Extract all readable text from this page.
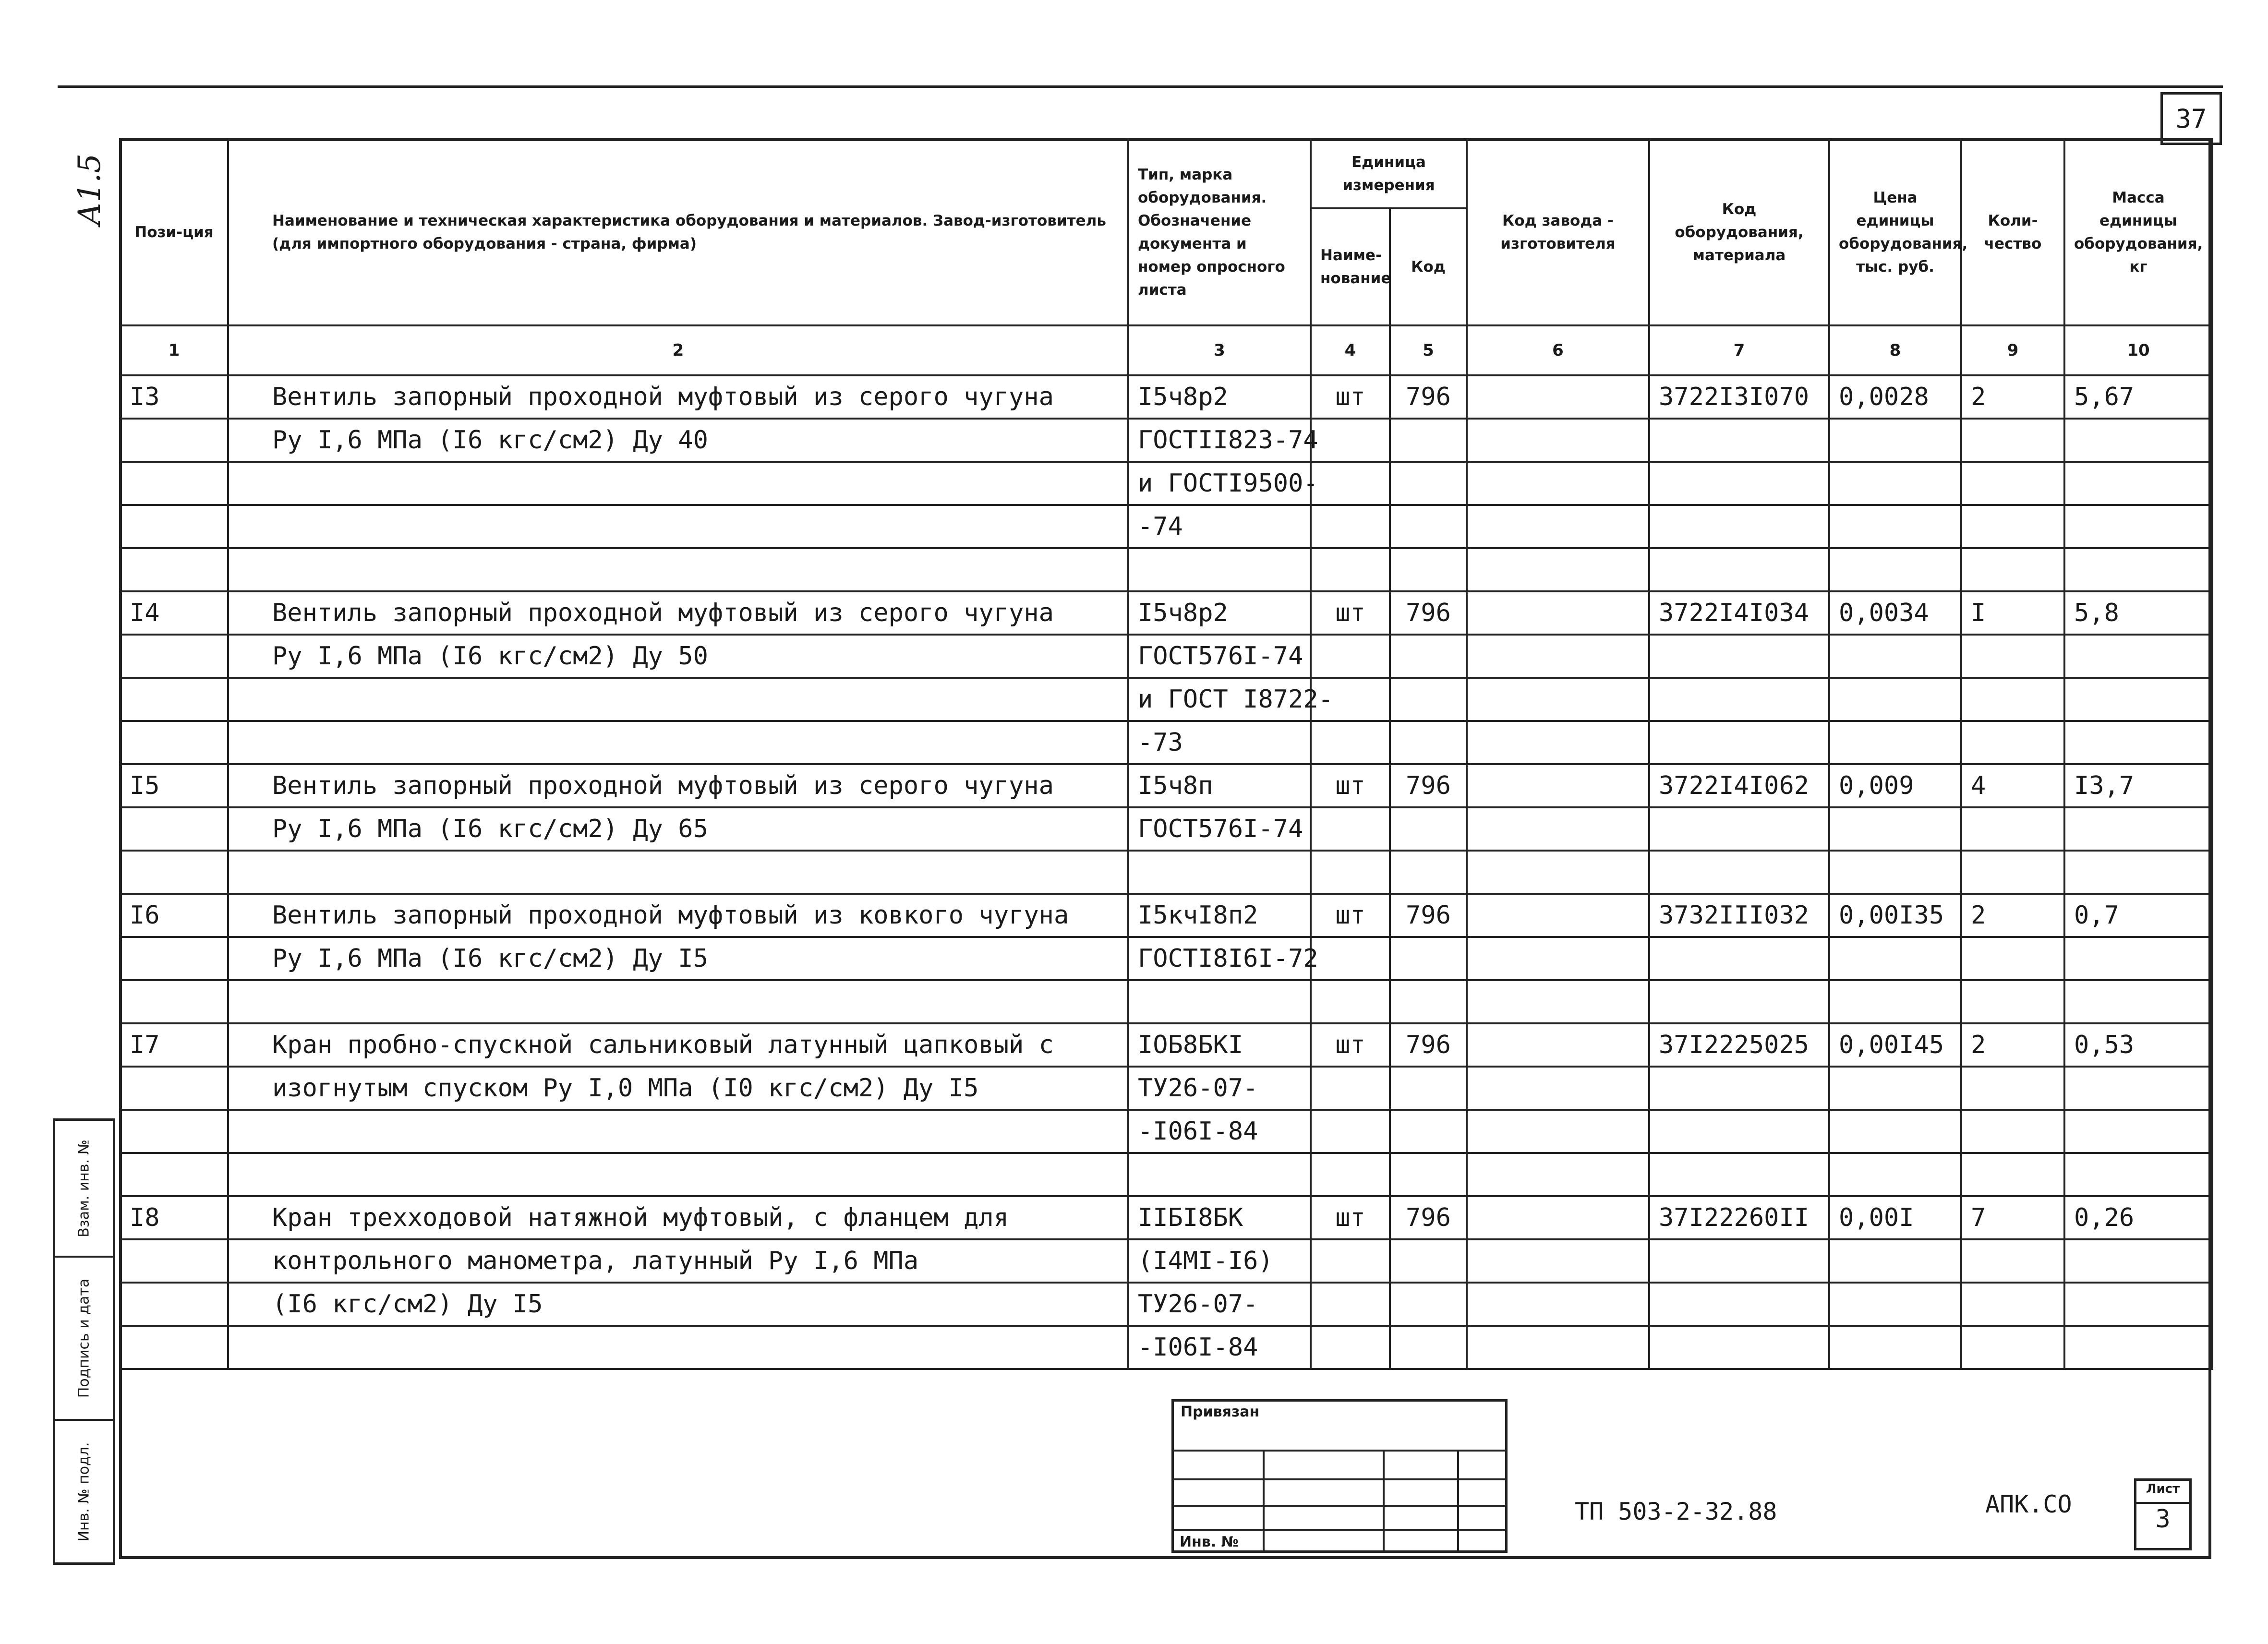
37
А1.5
Взам. инв. №
Подпись и дата
Инв. № подл.
Пози-ция	Наименование и техническая характеристика оборудования и материалов. Завод-изготовитель (для импортного оборудования - страна, фирма)	Тип, марка оборудования. Обозначение документа и номер опросного листа	Единица измерения		Код завода - изготовителя	Код оборудования, материала	Цена единицы оборудования, тыс. руб.	Коли-чество	Масса единицы оборудования, кг
			Наиме-нование	Код					
1	2	3	4	5	6	7	8	9	10
I3	Вентиль запорный проходной муфтовый из серого чугуна	I5ч8р2	шт	796		3722I3I070	0,0028	2	5,67
	Ру I,6 МПа (I6 кгс/см2) Ду 40	ГОСТII823-74							
		и ГОСТI9500-							
		-74							

I4	Вентиль запорный проходной муфтовый из серого чугуна	I5ч8р2	шт	796		3722I4I034	0,0034	I	5,8
	Ру I,6 МПа (I6 кгс/см2) Ду 50	ГОСТ576I-74							
		и ГОСТ I8722-							
		-73							
I5	Вентиль запорный проходной муфтовый из серого чугуна	I5ч8п	шт	796		3722I4I062	0,009	4	I3,7
	Ру I,6 МПа (I6 кгс/см2) Ду 65	ГОСТ576I-74							

I6	Вентиль запорный проходной муфтовый из ковкого чугуна	I5кчI8п2	шт	796		3732III032	0,00I35	2	0,7
	Ру I,6 МПа (I6 кгс/см2) Ду I5	ГОСТI8I6I-72							

I7	Кран пробно-спускной сальниковый латунный цапковый с	IОБ8БКI	шт	796		37I2225025	0,00I45	2	0,53
	изогнутым спуском Ру I,0 МПа (I0 кгс/см2) Ду I5	ТУ26-07-							
		-I06I-84							

I8	Кран трехходовой натяжной муфтовый, с фланцем для	IIБI8БК	шт	796		37I22260II	0,00I	7	0,26
	контрольного манометра, латунный Ру I,6 МПа	(I4МI-I6)							
	(I6 кгс/см2) Ду I5	ТУ26-07-							
		-I06I-84							
Привязан
Инв. №
ТП 503-2-32.88	АПК.СО
Лист
3
